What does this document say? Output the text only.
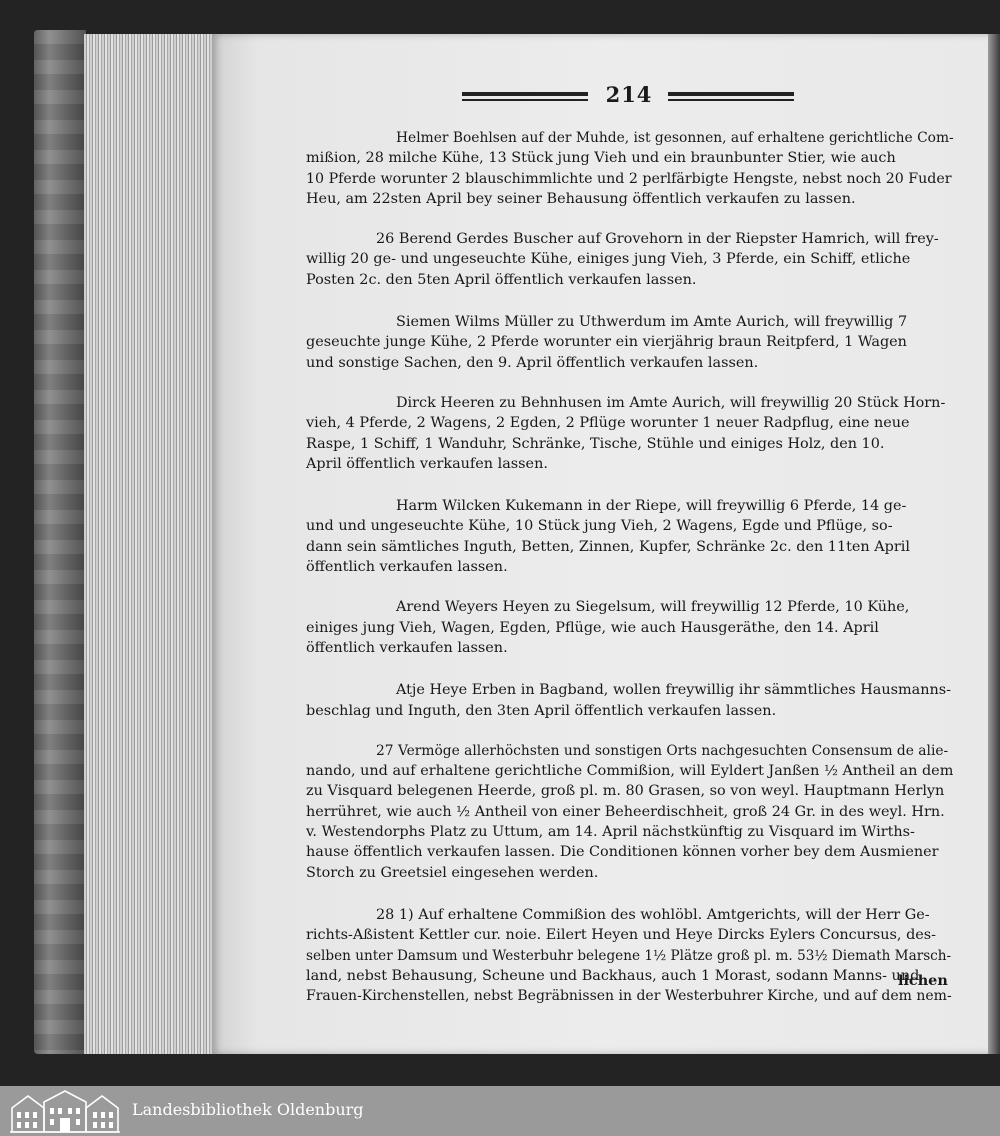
214
Helmer Boehlsen auf der Muhde, ist gesonnen, auf erhaltene gerichtliche Com-
mißion, 28 milche Kühe, 13 Stück jung Vieh und ein braunbunter Stier, wie auch
10 Pferde worunter 2 blauschimmlichte und 2 perlfärbigte Hengste, nebst noch 20 Fuder
Heu, am 22sten April bey seiner Behausung öffentlich verkaufen zu lassen.
26 Berend Gerdes Buscher auf Grovehorn in der Riepster Hamrich, will frey-
willig 20 ge- und ungeseuchte Kühe, einiges jung Vieh, 3 Pferde, ein Schiff, etliche
Posten 2c. den 5ten April öffentlich verkaufen lassen.
Siemen Wilms Müller zu Uthwerdum im Amte Aurich, will freywillig 7
geseuchte junge Kühe, 2 Pferde worunter ein vierjährig braun Reitpferd, 1 Wagen
und sonstige Sachen, den 9. April öffentlich verkaufen lassen.
Dirck Heeren zu Behnhusen im Amte Aurich, will freywillig 20 Stück Horn-
vieh, 4 Pferde, 2 Wagens, 2 Egden, 2 Pflüge worunter 1 neuer Radpflug, eine neue
Raspe, 1 Schiff, 1 Wanduhr, Schränke, Tische, Stühle und einiges Holz, den 10.
April öffentlich verkaufen lassen.
Harm Wilcken Kukemann in der Riepe, will freywillig 6 Pferde, 14 ge-
und und ungeseuchte Kühe, 10 Stück jung Vieh, 2 Wagens, Egde und Pflüge, so-
dann sein sämtliches Inguth, Betten, Zinnen, Kupfer, Schränke 2c. den 11ten April
öffentlich verkaufen lassen.
Arend Weyers Heyen zu Siegelsum, will freywillig 12 Pferde, 10 Kühe,
einiges jung Vieh, Wagen, Egden, Pflüge, wie auch Hausgeräthe, den 14. April
öffentlich verkaufen lassen.
Atje Heye Erben in Bagband, wollen freywillig ihr sämmtliches Hausmanns-
beschlag und Inguth, den 3ten April öffentlich verkaufen lassen.
27 Vermöge allerhöchsten und sonstigen Orts nachgesuchten Consensum de alie-
nando, und auf erhaltene gerichtliche Commißion, will Eyldert Janßen ½ Antheil an dem
zu Visquard belegenen Heerde, groß pl. m. 80 Grasen, so von weyl. Hauptmann Herlyn
herrühret, wie auch ½ Antheil von einer Beheerdischheit, groß 24 Gr. in des weyl. Hrn.
v. Westendorphs Platz zu Uttum, am 14. April nächstkünftig zu Visquard im Wirths-
hause öffentlich verkaufen lassen. Die Conditionen können vorher bey dem Ausmiener
Storch zu Greetsiel eingesehen werden.
28 1) Auf erhaltene Commißion des wohlöbl. Amtgerichts, will der Herr Ge-
richts-Aßistent Kettler cur. noie. Eilert Heyen und Heye Dircks Eylers Concursus, des-
selben unter Damsum und Westerbuhr belegene 1½ Plätze groß pl. m. 53½ Diemath Marsch-
land, nebst Behausung, Scheune und Backhaus, auch 1 Morast, sodann Manns- und
Frauen-Kirchenstellen, nebst Begräbnissen in der Westerbuhrer Kirche, und auf dem nem-
lichen
Landesbibliothek Oldenburg
